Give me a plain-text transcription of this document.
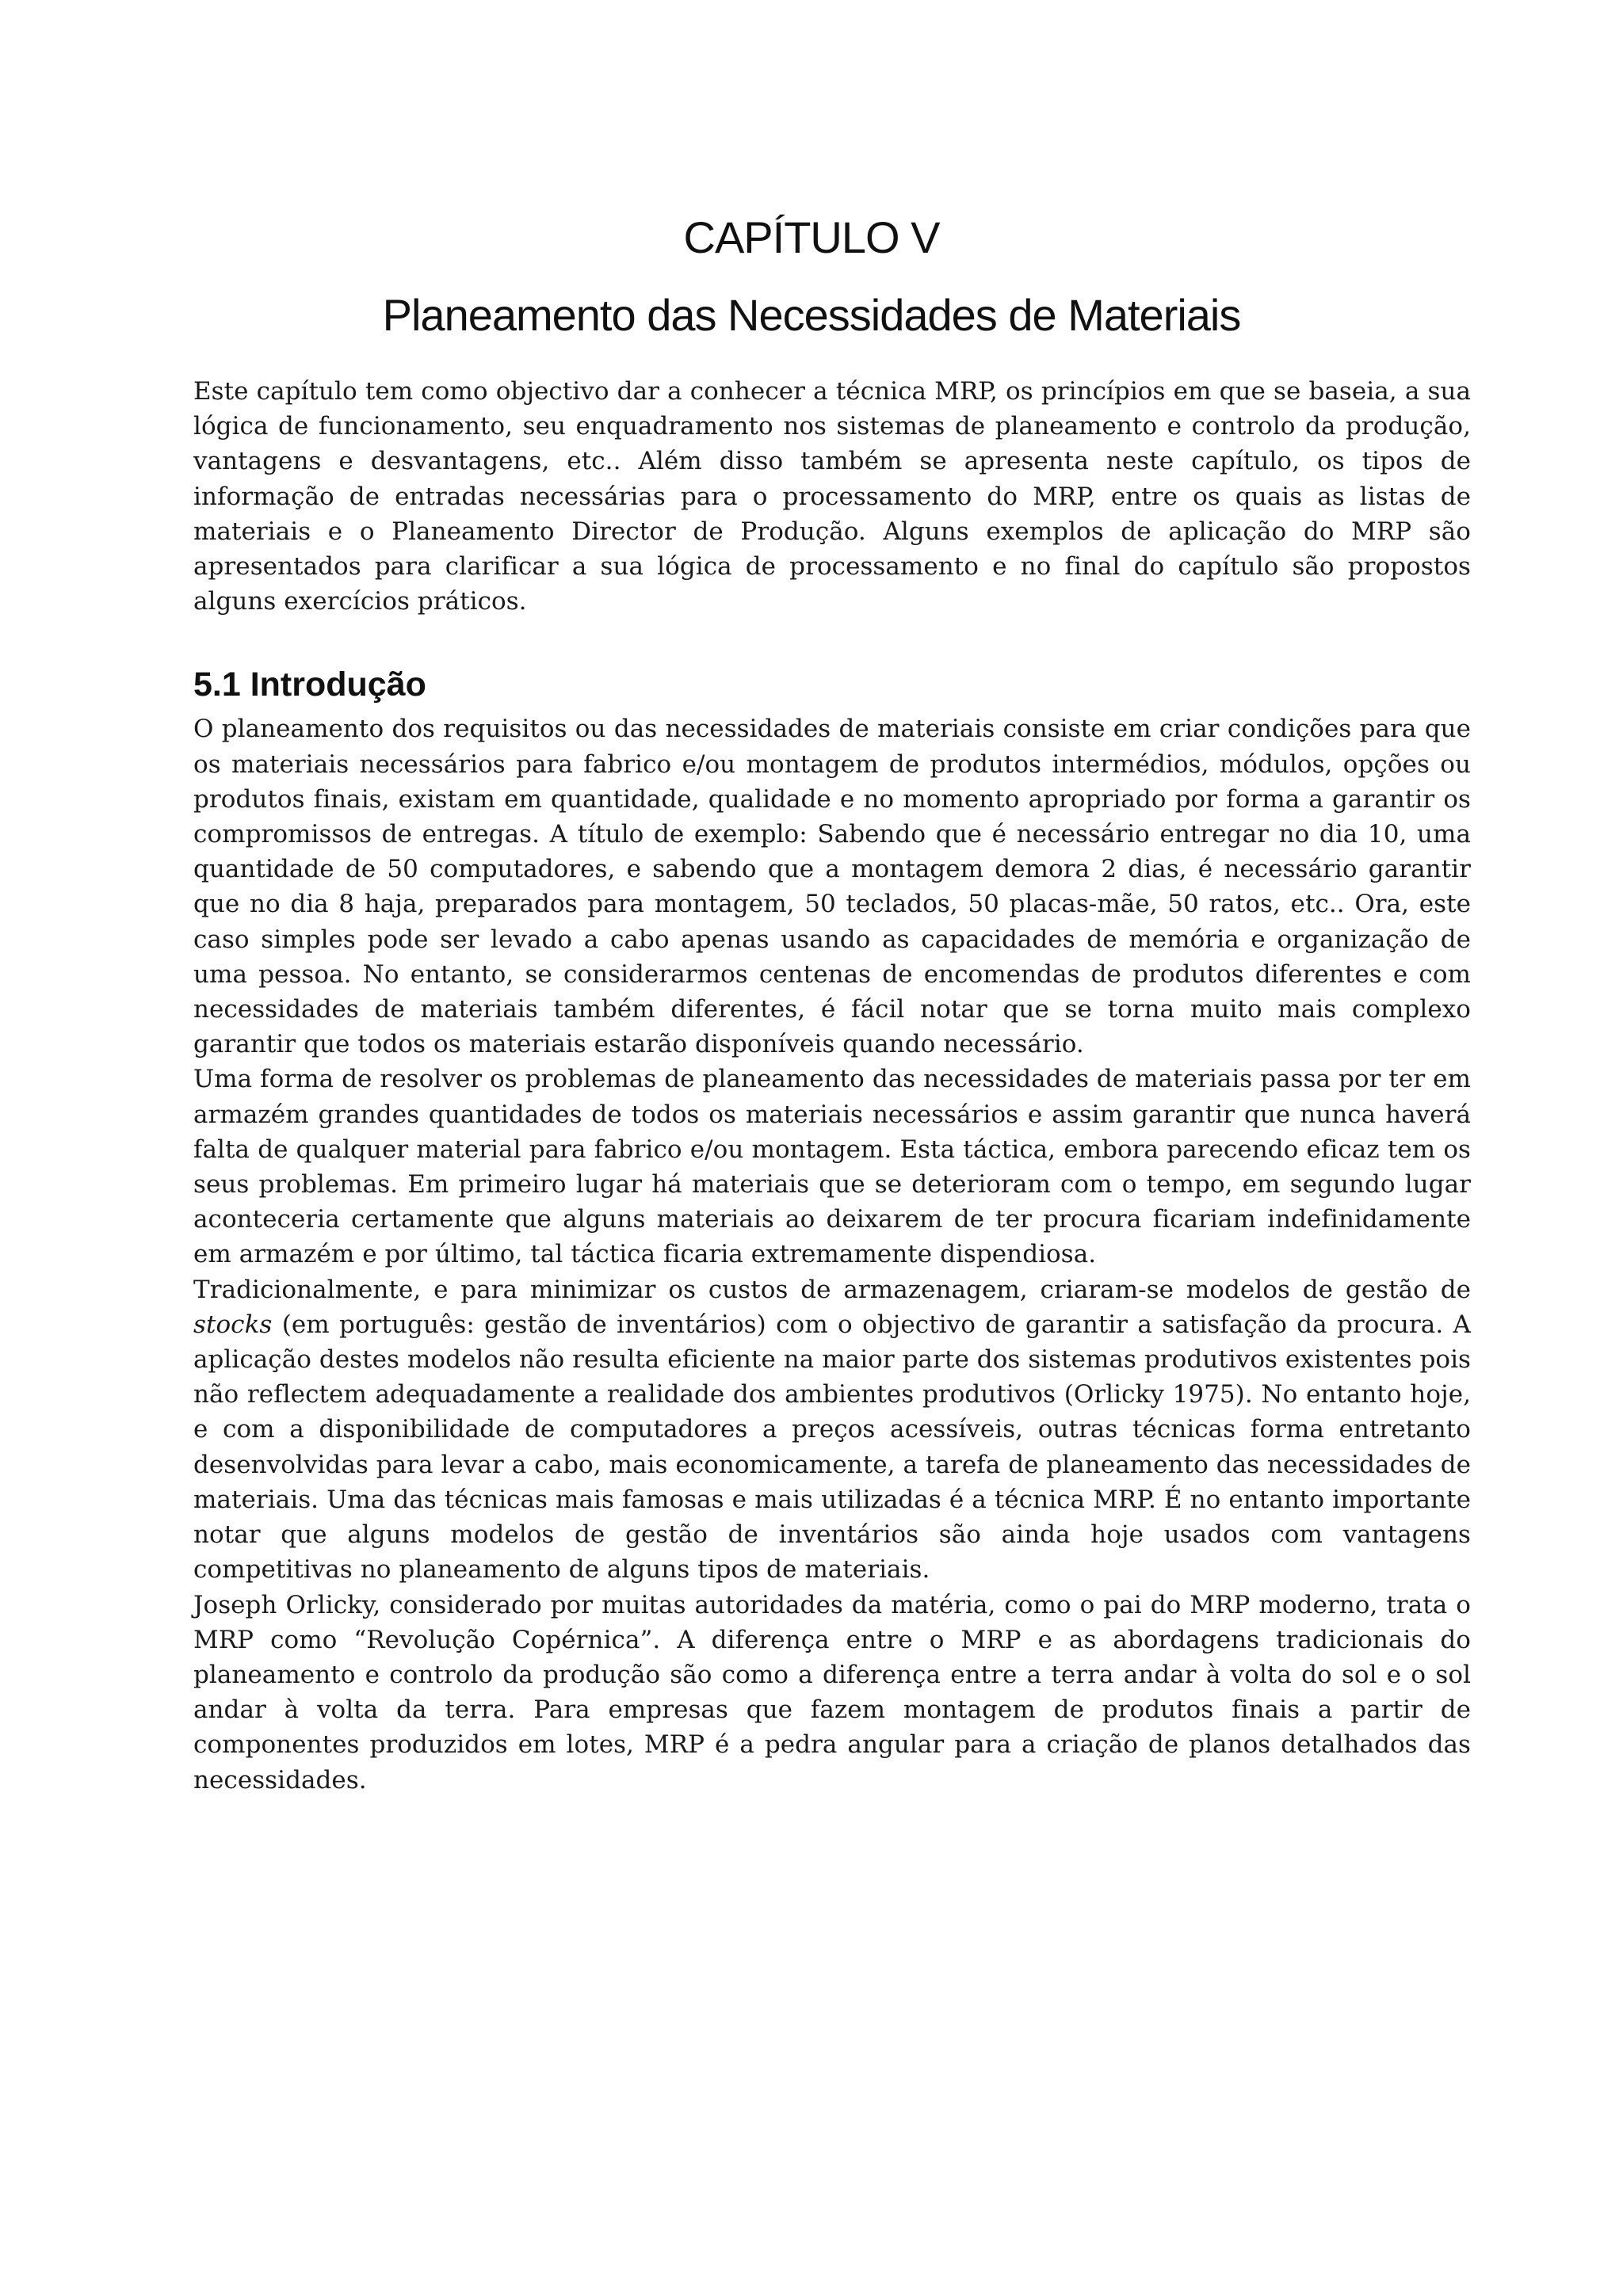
CAPÍTULO V
Planeamento das Necessidades de Materiais

Este capítulo tem como objectivo dar a conhecer a técnica MRP, os princípios em que se baseia, a sua lógica de funcionamento, seu enquadramento nos sistemas de planeamento e controlo da produção, vantagens e desvantagens, etc.. Além disso também se apresenta neste capítulo, os tipos de informação de entradas necessárias para o processamento do MRP, entre os quais as listas de materiais e o Planeamento Director de Produção. Alguns exemplos de aplicação do MRP são apresentados para clarificar a sua lógica de processamento e no final do capítulo são propostos alguns exercícios práticos.

5.1 Introdução

O planeamento dos requisitos ou das necessidades de materiais consiste em criar condições para que os materiais necessários para fabrico e/ou montagem de produtos intermédios, módulos, opções ou produtos finais, existam em quantidade, qualidade e no momento apropriado por forma a garantir os compromissos de entregas. A título de exemplo: Sabendo que é necessário entregar no dia 10, uma quantidade de 50 computadores, e sabendo que a montagem demora 2 dias, é necessário garantir que no dia 8 haja, preparados para montagem, 50 teclados, 50 placas-mãe, 50 ratos, etc.. Ora, este caso simples pode ser levado a cabo apenas usando as capacidades de memória e organização de uma pessoa. No entanto, se considerarmos centenas de encomendas de produtos diferentes e com necessidades de materiais também diferentes, é fácil notar que se torna muito mais complexo garantir que todos os materiais estarão disponíveis quando necessário.

Uma forma de resolver os problemas de planeamento das necessidades de materiais passa por ter em armazém grandes quantidades de todos os materiais necessários e assim garantir que nunca haverá falta de qualquer material para fabrico e/ou montagem. Esta táctica, embora parecendo eficaz tem os seus problemas. Em primeiro lugar há materiais que se deterioram com o tempo, em segundo lugar aconteceria certamente que alguns materiais ao deixarem de ter procura ficariam indefinidamente em armazém e por último, tal táctica ficaria extremamente dispendiosa.

Tradicionalmente, e para minimizar os custos de armazenagem, criaram-se modelos de gestão de stocks (em português: gestão de inventários) com o objectivo de garantir a satisfação da procura. A aplicação destes modelos não resulta eficiente na maior parte dos sistemas produtivos existentes pois não reflectem adequadamente a realidade dos ambientes produtivos (Orlicky 1975). No entanto hoje, e com a disponibilidade de computadores a preços acessíveis, outras técnicas forma entretanto desenvolvidas para levar a cabo, mais economicamente, a tarefa de planeamento das necessidades de materiais. Uma das técnicas mais famosas e mais utilizadas é a técnica MRP. É no entanto importante notar que alguns modelos de gestão de inventários são ainda hoje usados com vantagens competitivas no planeamento de alguns tipos de materiais.

Joseph Orlicky, considerado por muitas autoridades da matéria, como o pai do MRP moderno, trata o MRP como “Revolução Copérnica”. A diferença entre o MRP e as abordagens tradicionais do planeamento e controlo da produção são como a diferença entre a terra andar à volta do sol e o sol andar à volta da terra. Para empresas que fazem montagem de produtos finais a partir de componentes produzidos em lotes, MRP é a pedra angular para a criação de planos detalhados das necessidades.
